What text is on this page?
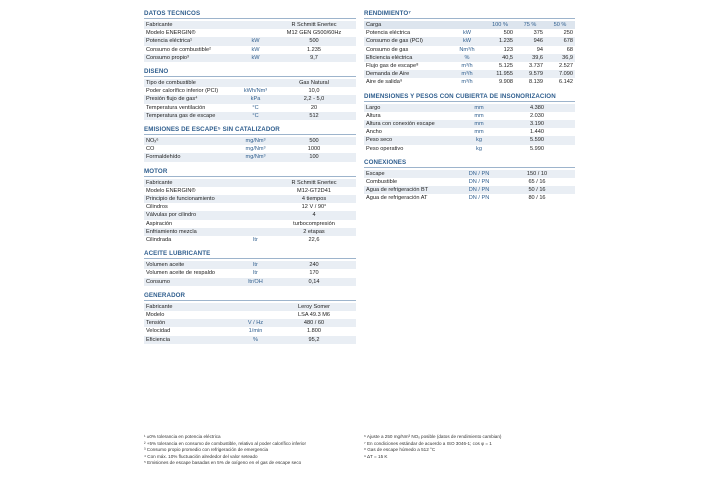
DATOS TÉCNICOS
Fabricante		R Schmitt Enertec
Modelo ENERGIN®		M12 GEN G500/60Hz
Potencia eléctrica¹	kW	500
Consumo de combustible²	kW	1.235
Consumo propio³	kW	9,7
DISEÑO
Tipo de combustible		Gas Natural
Poder calorífico inferior (PCI)	kWh/Nm³	10,0
Presión flujo de gas⁴	kPa	2,2 - 5,0
Temperatura ventilación	°C	20
Temperatura gas de escape	°C	512
EMISIONES DE ESCAPE⁵ SIN CATALIZADOR
NOₓ⁶	mg/Nm³	500
CO	mg/Nm³	1000
Formaldehído	mg/Nm³	100
MOTOR
Fabricante		R Schmitt Enertec
Modelo ENERGIN®		M12-GT2D41
Principio de funcionamiento		4 tiempos
Cilindros		12 V / 90°
Válvulas por cilindro		4
Aspiración		turbocompresión
Enfriamiento mezcla		2 etapas
Cilindrada	ltr	22,6
ACEITE LUBRICANTE
Volumen aceite	ltr	240
Volumen aceite de respaldo	ltr	170
Consumo	ltr/OH	0,14
GENERADOR
Fabricante		Leroy Somer
Modelo		LSA 49.3 M6
Tensión	V / Hz	480 / 60
Velocidad	1/min	1.800
Eficiencia	%	95,2
RENDIMIENTO⁷
Carga		100 %	75 %	50 %
Potencia eléctrica	kW	500	375	250
Consumo de gas (PCI)	kW	1.235	946	678
Consumo de gas	Nm³/h	123	94	68
Eficiencia eléctrica	%	40,5	39,6	36,9
Flujo gas de escape⁸	m³/h	5.125	3.737	2.527
Demanda de Aire	m³/h	11.955	9.579	7.090
Aire de salida⁹	m³/h	9.908	8.139	6.142
DIMENSIONES Y PESOS CON CUBIERTA DE INSONORIZACIÓN
Largo	mm	4.380
Altura	mm	2.030
Altura con conexión escape	mm	3.190
Ancho	mm	1.440
Peso seco	kg	5.590
Peso operativo	kg	5.990
CONEXIONES
Escape	DN / PN	150 / 10
Combustible	DN / PN	65 / 16
Agua de refrigeración BT	DN / PN	50 / 16
Agua de refrigeración AT	DN / PN	80 / 16
¹ ±0% tolerancia en potencia eléctrica
² +5% tolerancia en consumo de combustible, relativo al poder calorífico inferior
³ Consumo propio promedio con refrigeración de emergencia
⁴ Con máx. 10% fluctuación alrededor del valor seteado
⁵ Emisiones de escape basadas en 5% de oxígeno en el gas de escape seco
⁶ Ajuste a 250 mg/Nm³ NOₓ posible (datos de rendimiento cambian)
⁷ En condiciones estándar de acuerdo a ISO 3046-1; cos φ = 1
⁸ Gas de escape húmedo a 512 °C
⁹ ΔT = 15 K
